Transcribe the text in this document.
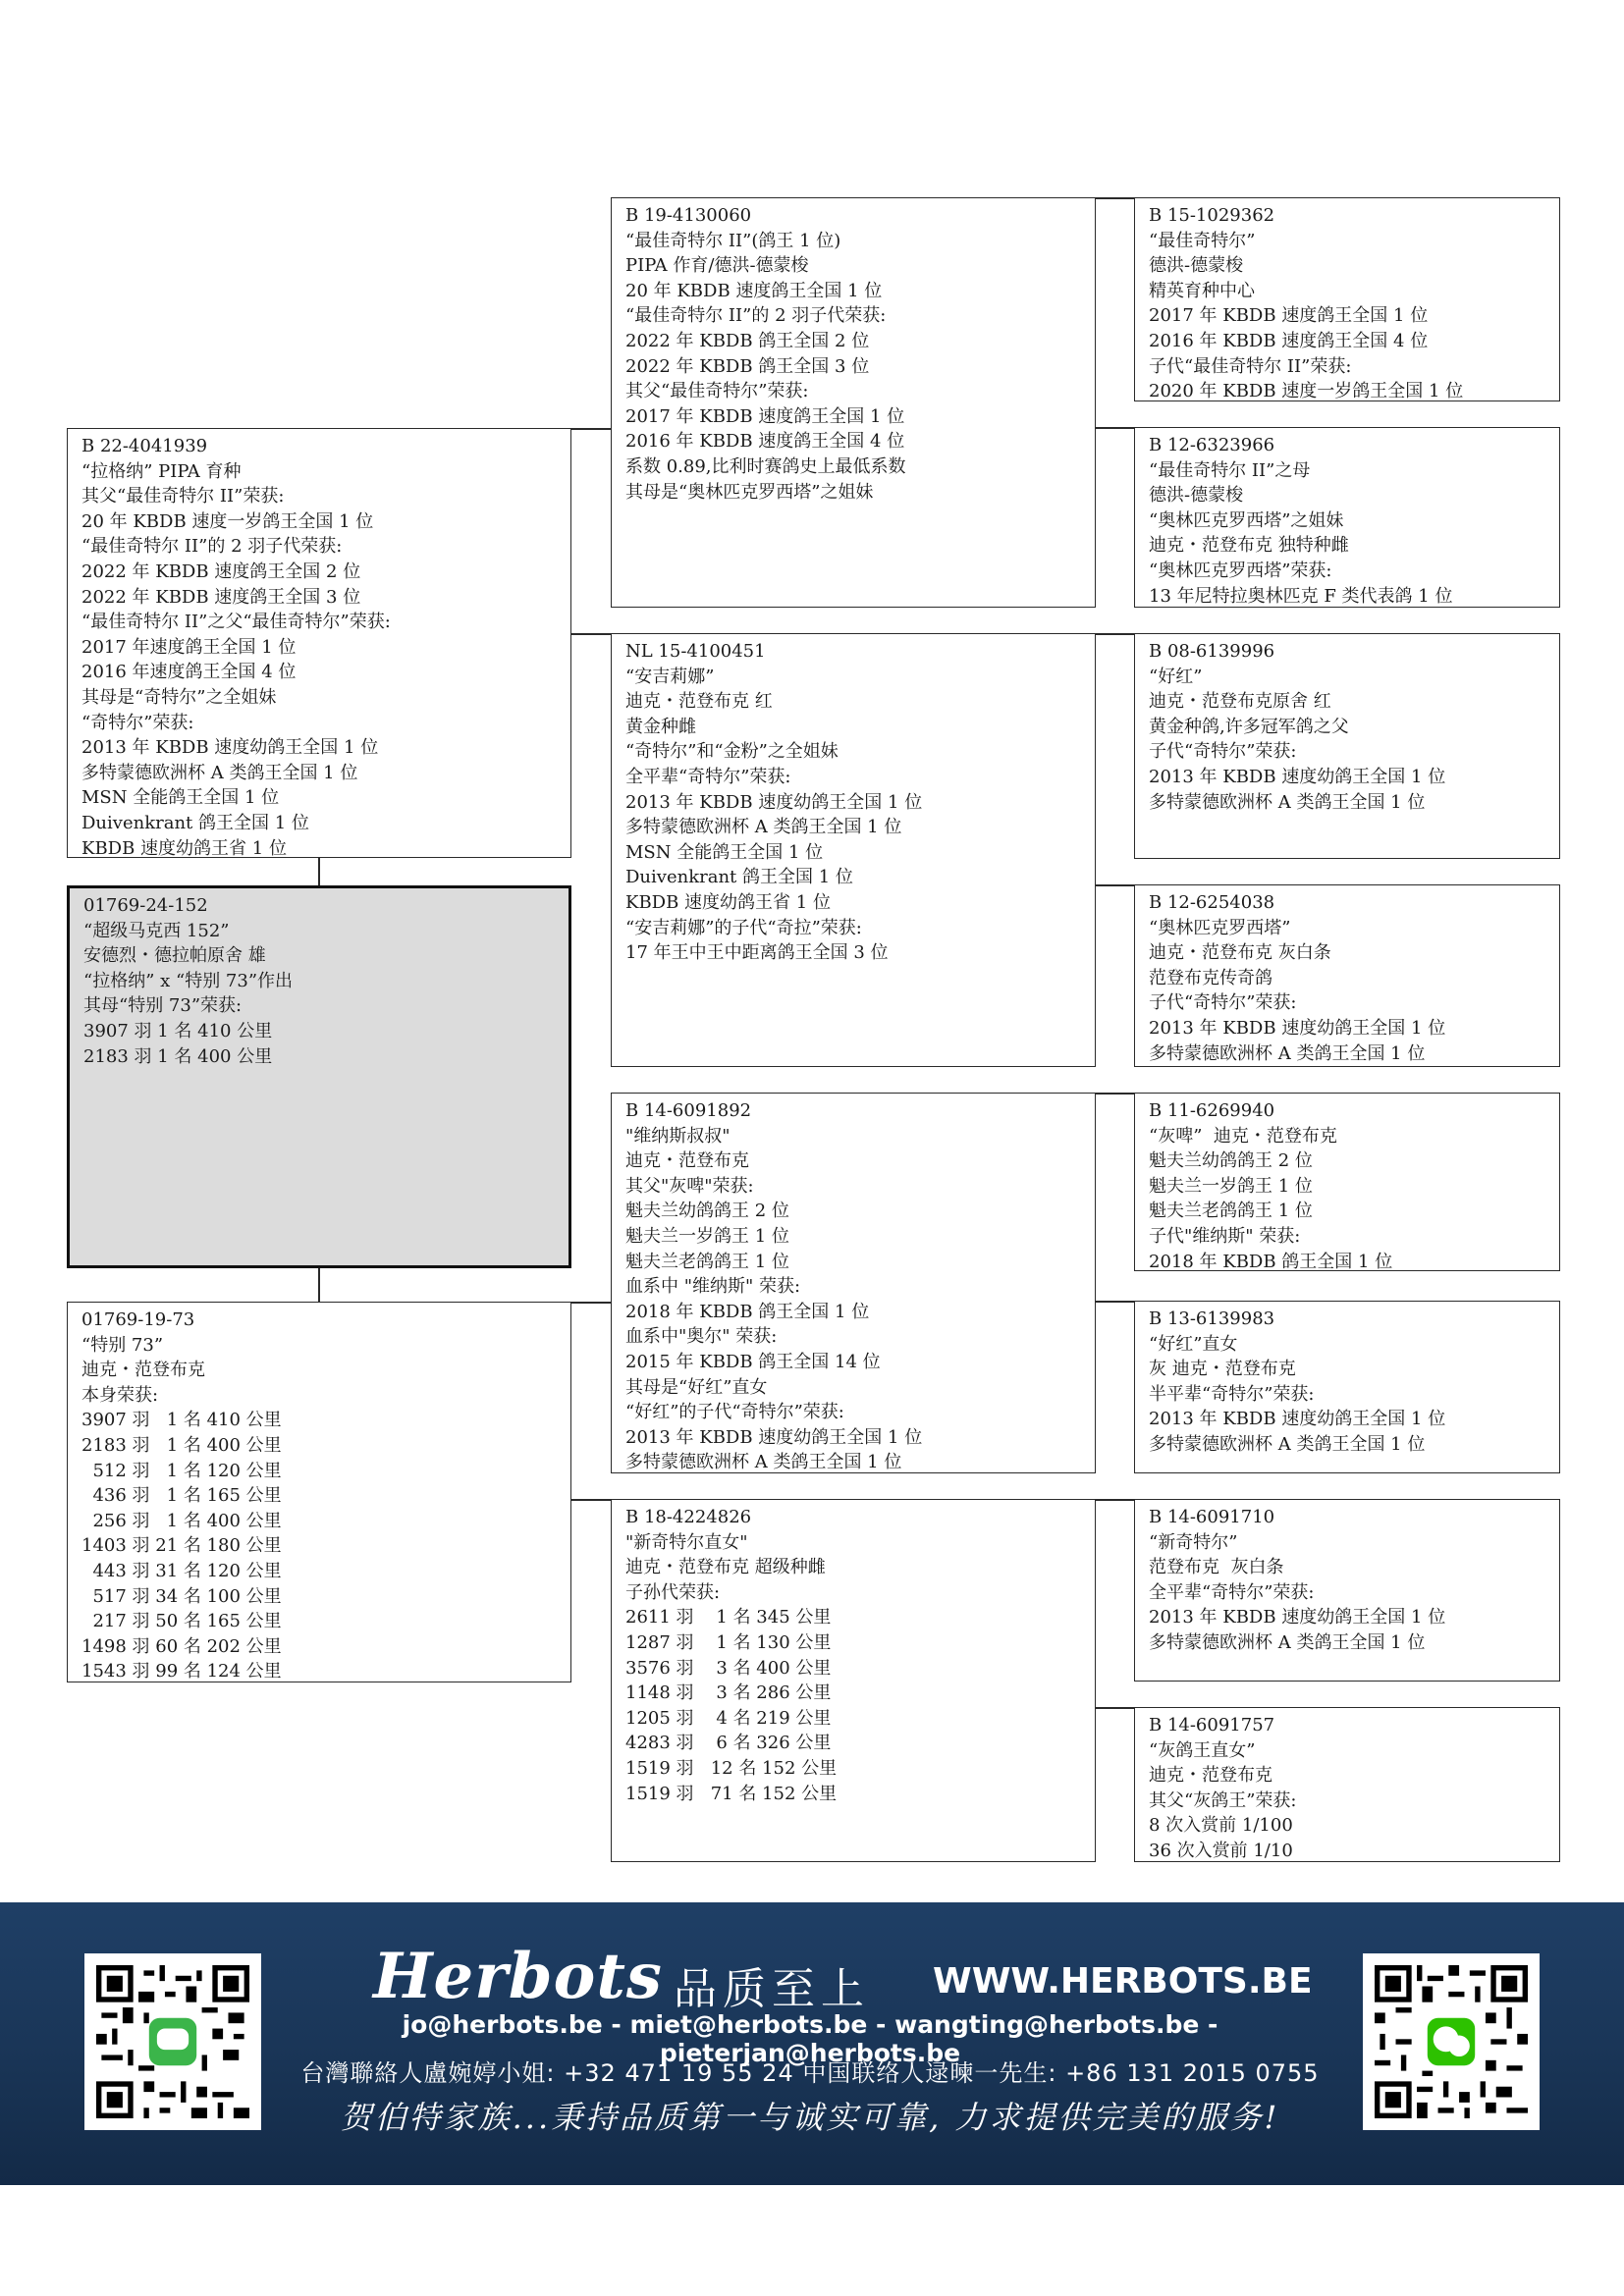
B 22-4041939
“拉格纳” PIPA 育种
其父“最佳奇特尔 II”荣获:
20 年 KBDB 速度一岁鸽王全国 1 位
“最佳奇特尔 II”的 2 羽子代荣获:
2022 年 KBDB 速度鸽王全国 2 位
2022 年 KBDB 速度鸽王全国 3 位
“最佳奇特尔 II”之父“最佳奇特尔”荣获:
2017 年速度鸽王全国 1 位
2016 年速度鸽王全国 4 位
其母是“奇特尔”之全姐妹
“奇特尔”荣获:
2013 年 KBDB 速度幼鸽王全国 1 位
多特蒙德欧洲杯 A 类鸽王全国 1 位
MSN 全能鸽王全国 1 位
Duivenkrant 鸽王全国 1 位
KBDB 速度幼鸽王省 1 位
01769-24-152
“超级马克西 152”
安德烈・德拉帕原舍 雄
“拉格纳” x “特别 73”作出
其母“特别 73”荣获:
3907 羽 1 名 410 公里
2183 羽 1 名 400 公里
01769-19-73
“特别 73”
迪克・范登布克
本身荣获:
3907 羽   1 名 410 公里
2183 羽   1 名 400 公里
512 羽   1 名 120 公里
436 羽   1 名 165 公里
256 羽   1 名 400 公里
1403 羽 21 名 180 公里
443 羽 31 名 120 公里
517 羽 34 名 100 公里
217 羽 50 名 165 公里
1498 羽 60 名 202 公里
1543 羽 99 名 124 公里
B 19-4130060
“最佳奇特尔 II”(鸽王 1 位)
PIPA 作育/德洪-德蒙梭
20 年 KBDB 速度鸽王全国 1 位
“最佳奇特尔 II”的 2 羽子代荣获:
2022 年 KBDB 鸽王全国 2 位
2022 年 KBDB 鸽王全国 3 位
其父“最佳奇特尔”荣获:
2017 年 KBDB 速度鸽王全国 1 位
2016 年 KBDB 速度鸽王全国 4 位
系数 0.89,比利时赛鸽史上最低系数
其母是“奥林匹克罗西塔”之姐妹
NL 15-4100451
“安吉莉娜”
迪克・范登布克 红
黄金种雌
“奇特尔”和“金粉”之全姐妹
全平辈“奇特尔”荣获:
2013 年 KBDB 速度幼鸽王全国 1 位
多特蒙德欧洲杯 A 类鸽王全国 1 位
MSN 全能鸽王全国 1 位
Duivenkrant 鸽王全国 1 位
KBDB 速度幼鸽王省 1 位
“安吉莉娜”的子代“奇拉”荣获:
17 年王中王中距离鸽王全国 3 位
B 14-6091892
"维纳斯叔叔"
迪克・范登布克
其父"灰啤"荣获:
魁夫兰幼鸽鸽王 2 位
魁夫兰一岁鸽王 1 位
魁夫兰老鸽鸽王 1 位
血系中 "维纳斯" 荣获:
2018 年 KBDB 鸽王全国 1 位
血系中"奥尔" 荣获:
2015 年 KBDB 鸽王全国 14 位
其母是“好红”直女
“好红”的子代“奇特尔”荣获:
2013 年 KBDB 速度幼鸽王全国 1 位
多特蒙德欧洲杯 A 类鸽王全国 1 位
B 18-4224826
"新奇特尔直女"
迪克・范登布克 超级种雌
子孙代荣获:
2611 羽    1 名 345 公里
1287 羽    1 名 130 公里
3576 羽    3 名 400 公里
1148 羽    3 名 286 公里
1205 羽    4 名 219 公里
4283 羽    6 名 326 公里
1519 羽   12 名 152 公里
1519 羽   71 名 152 公里
B 15-1029362
“最佳奇特尔”
德洪-德蒙梭
精英育种中心
2017 年 KBDB 速度鸽王全国 1 位
2016 年 KBDB 速度鸽王全国 4 位
子代“最佳奇特尔 II”荣获:
2020 年 KBDB 速度一岁鸽王全国 1 位
B 12-6323966
“最佳奇特尔 II”之母
德洪-德蒙梭
“奥林匹克罗西塔”之姐妹
迪克・范登布克 独特种雌
“奥林匹克罗西塔”荣获:
13 年尼特拉奥林匹克 F 类代表鸽 1 位
B 08-6139996
“好红”
迪克・范登布克原舍 红
黄金种鸽,许多冠军鸽之父
子代“奇特尔”荣获:
2013 年 KBDB 速度幼鸽王全国 1 位
多特蒙德欧洲杯 A 类鸽王全国 1 位
B 12-6254038
“奥林匹克罗西塔”
迪克・范登布克 灰白条
范登布克传奇鸽
子代“奇特尔”荣获:
2013 年 KBDB 速度幼鸽王全国 1 位
多特蒙德欧洲杯 A 类鸽王全国 1 位
B 11-6269940
“灰啤”  迪克・范登布克
魁夫兰幼鸽鸽王 2 位
魁夫兰一岁鸽王 1 位
魁夫兰老鸽鸽王 1 位
子代"维纳斯" 荣获:
2018 年 KBDB 鸽王全国 1 位
B 13-6139983
“好红”直女
灰 迪克・范登布克
半平辈“奇特尔”荣获:
2013 年 KBDB 速度幼鸽王全国 1 位
多特蒙德欧洲杯 A 类鸽王全国 1 位
B 14-6091710
“新奇特尔”
范登布克  灰白条
全平辈“奇特尔”荣获:
2013 年 KBDB 速度幼鸽王全国 1 位
多特蒙德欧洲杯 A 类鸽王全国 1 位
B 14-6091757
“灰鸽王直女”
迪克・范登布克
其父“灰鸽王”荣获:
8 次入赏前 1/100
36 次入赏前 1/10
Herbots 品质至上 WWW.HERBOTS.BE
jo@herbots.be - miet@herbots.be - wangting@herbots.be - pieterjan@herbots.be
台灣聯絡人盧婉婷小姐: +32 471 19 55 24 中国联络人逯暕一先生: +86 131 2015 0755
贺伯特家族...秉持品质第一与诚实可靠, 力求提供完美的服务!
